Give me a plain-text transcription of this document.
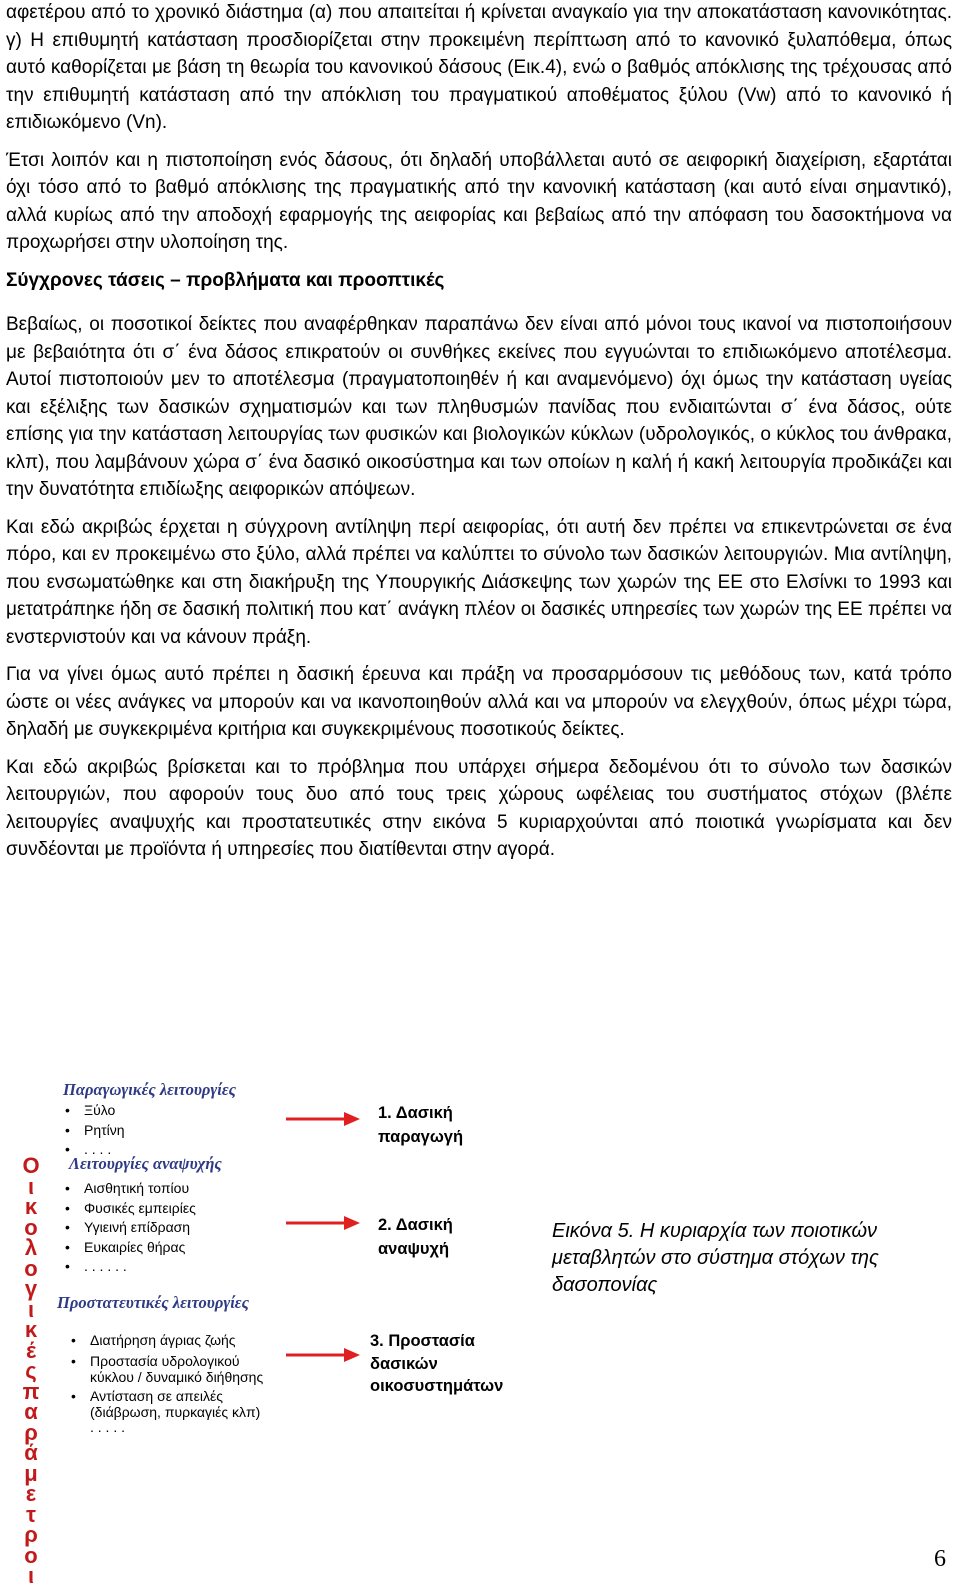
αφετέρου από το χρονικό διάστημα (α) που απαιτείται ή κρίνεται αναγκαίο για την αποκατάσταση κανονικότητας. γ) Η επιθυμητή κατάσταση προσδιορίζεται στην προκειμένη περίπτωση από το κανονικό ξυλαπόθεμα, όπως αυτό καθορίζεται με βάση τη θεωρία του κανονικού δάσους (Εικ.4), ενώ ο βαθμός απόκλισης της τρέχουσας από την επιθυμητή κατάσταση από την απόκλιση του πραγματικού αποθέματος ξύλου (Vw) από το κανονικό ή επιδιωκόμενο (Vn).

Έτσι λοιπόν και η πιστοποίηση ενός δάσους, ότι δηλαδή υποβάλλεται αυτό σε αειφορική διαχείριση, εξαρτάται όχι τόσο από το βαθμό απόκλισης της πραγματικής από την κανονική κατάσταση (και αυτό είναι σημαντικό), αλλά κυρίως από την αποδοχή εφαρμογής της αειφορίας και βεβαίως από την απόφαση του δασοκτήμονα να προχωρήσει στην υλοποίηση της.

Σύγχρονες τάσεις – προβλήματα και προοπτικές

Βεβαίως, οι ποσοτικοί δείκτες που αναφέρθηκαν παραπάνω δεν είναι από μόνοι τους ικανοί να πιστοποιήσουν με βεβαιότητα ότι σ΄ ένα δάσος επικρατούν οι συνθήκες εκείνες που εγγυώνται το επιδιωκόμενο αποτέλεσμα. Αυτοί πιστοποιούν μεν το αποτέλεσμα (πραγματοποιηθέν ή και αναμενόμενο) όχι όμως την κατάσταση υγείας και εξέλιξης των δασικών σχηματισμών και των πληθυσμών πανίδας που ενδιαιτώνται σ΄ ένα δάσος, ούτε επίσης για την κατάσταση λειτουργίας των φυσικών και βιολογικών κύκλων (υδρολογικός, ο κύκλος του άνθρακα, κλπ), που λαμβάνουν χώρα σ΄ ένα δασικό οικοσύστημα και των οποίων η καλή ή κακή λειτουργία προδικάζει και την δυνατότητα επιδίωξης αειφορικών απόψεων.

Και εδώ ακριβώς έρχεται η σύγχρονη αντίληψη περί αειφορίας, ότι αυτή δεν πρέπει να επικεντρώνεται σε ένα πόρο, και εν προκειμένω στο ξύλο, αλλά πρέπει να καλύπτει το σύνολο των δασικών λειτουργιών. Μια αντίληψη, που ενσωματώθηκε και στη διακήρυξη της Υπουργικής Διάσκεψης των χωρών της ΕΕ στο Ελσίνκι το 1993 και μετατράπηκε ήδη σε δασική πολιτική που κατ΄ ανάγκη πλέον οι δασικές υπηρεσίες των χωρών της ΕΕ πρέπει να ενστερνιστούν και να κάνουν πράξη.

Για να γίνει όμως αυτό πρέπει η δασική έρευνα και πράξη να προσαρμόσουν τις μεθόδους των, κατά τρόπο ώστε οι νέες ανάγκες να μπορούν και να ικανοποιηθούν αλλά και να μπορούν να ελεγχθούν, όπως μέχρι τώρα, δηλαδή με συγκεκριμένα κριτήρια και συγκεκριμένους ποσοτικούς δείκτες.

Και εδώ ακριβώς βρίσκεται και το πρόβλημα που υπάρχει σήμερα δεδομένου ότι το σύνολο των δασικών λειτουργιών, που αφορούν τους δυο από τους τρεις χώρους ωφέλειας του συστήματος στόχων (βλέπε λειτουργίες αναψυχής και προστατευτικές στην εικόνα 5 κυριαρχούνται από ποιοτικά γνωρίσματα και δεν συνδέονται με προϊόντα ή υπηρεσίες που διατίθενται στην αγορά.

O
ι
κ
ο
λ
ο
γ
ι
κ
έ
ς
π
α
ρ
ά
μ
ε
τ
ρ
ο
ι
Παραγωγικές λειτουργίες
• Ξύλο
• Ρητίνη
• . . . .
Λειτουργίες αναψυχής
• Αισθητική τοπίου
• Φυσικές εμπειρίες
• Υγιεινή επίδραση
• Ευκαιρίες θήρας
• . . . . . .
Προστατευτικές λειτουργίες
• Διατήρηση άγριας ζωής
• Προστασία υδρολογικού
κύκλου / δυναμικό διήθησης
• Αντίσταση σε απειλές
(διάβρωση, πυρκαγιές κλπ)
. . . . .
1. Δασική
παραγωγή
2. Δασική
αναψυχή
3. Προστασία
δασικών
οικοσυστημάτων
Εικόνα 5. Η κυριαρχία των ποιοτικών μεταβλητών στο σύστημα στόχων της δασοπονίας
6
